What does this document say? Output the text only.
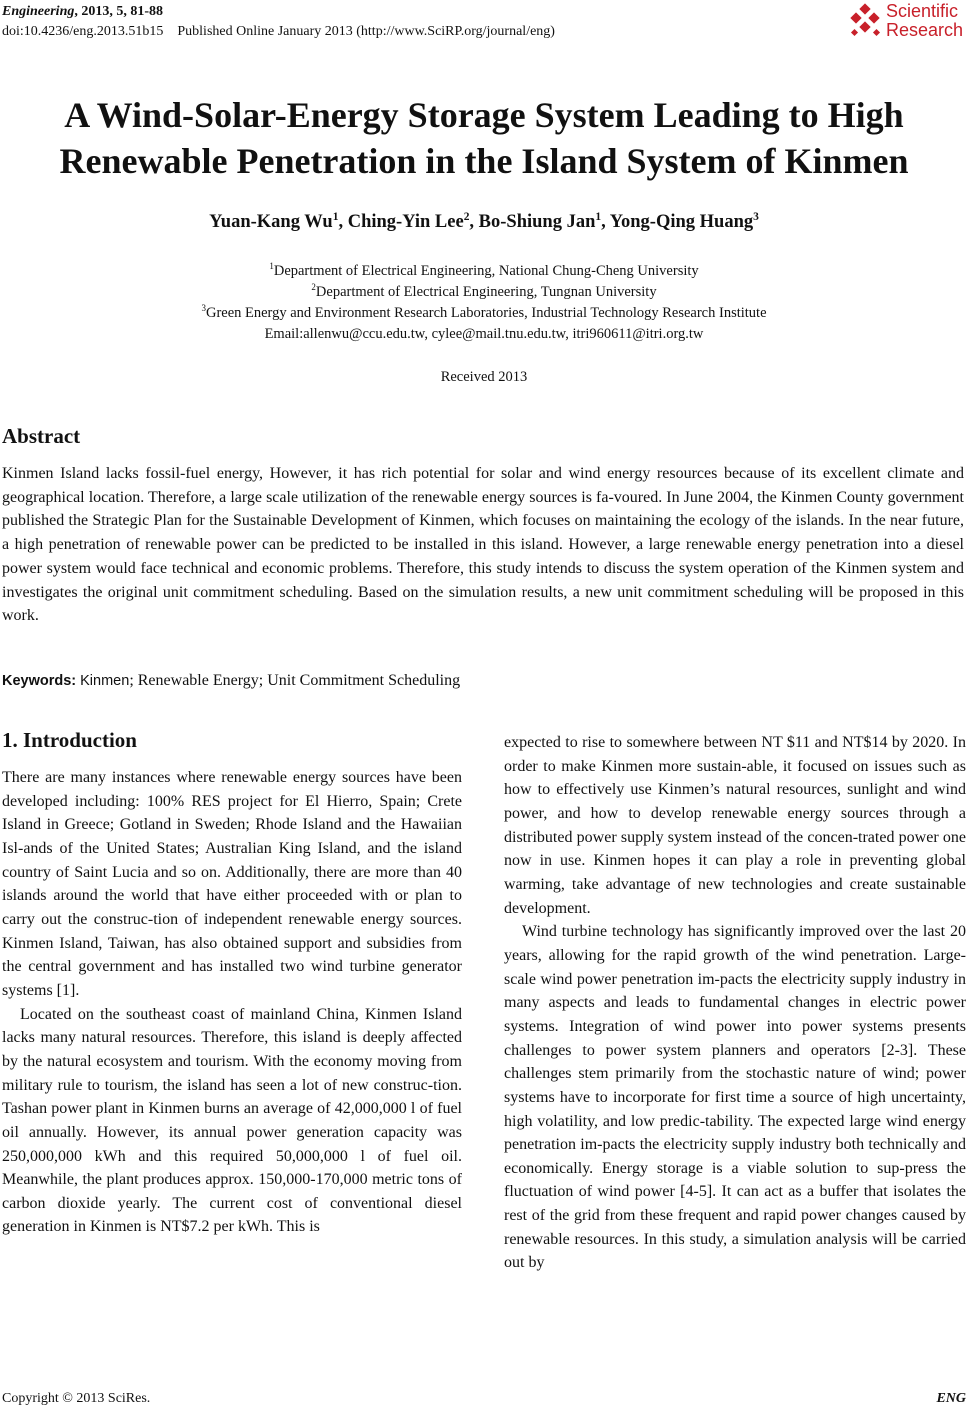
Engineering, 2013, 5, 81-88
doi:10.4236/eng.2013.51b15    Published Online January 2013 (http://www.SciRP.org/journal/eng)
Scientific
Research
A Wind-Solar-Energy Storage System Leading to High
Renewable Penetration in the Island System of Kinmen
Yuan-Kang Wu$^1$, Ching-Yin Lee$^2$, Bo-Shiung Jan$^1$, Yong-Qing Huang$^3$
$^1$Department of Electrical Engineering, National Chung-Cheng University
$^2$Department of Electrical Engineering, Tungnan University
$^3$Green Energy and Environment Research Laboratories, Industrial Technology Research Institute
Email:allenwu@ccu.edu.tw, cylee@mail.tnu.edu.tw, itri960611@itri.org.tw
Received 2013
Abstract
Kinmen Island lacks fossil-fuel energy, However, it has rich potential for solar and wind energy resources because of its excellent climate and geographical location. Therefore, a large scale utilization of the renewable energy sources is fa-voured. In June 2004, the Kinmen County government published the Strategic Plan for the Sustainable Development of Kinmen, which focuses on maintaining the ecology of the islands. In the near future, a high penetration of renewable power can be predicted to be installed in this island. However, a large renewable energy penetration into a diesel power system would face technical and economic problems. Therefore, this study intends to discuss the system operation of the Kinmen system and investigates the original unit commitment scheduling. Based on the simulation results, a new unit commitment scheduling will be proposed in this work.
Keywords: Kinmen; Renewable Energy; Unit Commitment Scheduling
1. Introduction

There are many instances where renewable energy sources have been developed including: 100% RES project for El Hierro, Spain; Crete Island in Greece; Gotland in Sweden; Rhode Island and the Hawaiian Isl-ands of the United States; Australian King Island, and the island country of Saint Lucia and so on. Additionally, there are more than 40 islands around the world that have either proceeded with or plan to carry out the construc-tion of independent renewable energy sources. Kinmen Island, Taiwan, has also obtained support and subsidies from the central government and has installed two wind turbine generator systems [1].

Located on the southeast coast of mainland China, Kinmen Island lacks many natural resources. Therefore, this island is deeply affected by the natural ecosystem and tourism. With the economy moving from military rule to tourism, the island has seen a lot of new construc-tion. Tashan power plant in Kinmen burns an average of 42,000,000 l of fuel oil annually. However, its annual power generation capacity was 250,000,000 kWh and this required 50,000,000 l of fuel oil. Meanwhile, the plant produces approx. 150,000-170,000 metric tons of carbon dioxide yearly. The current cost of conventional diesel generation in Kinmen is NT$7.2 per kWh. This is

expected to rise to somewhere between NT $11 and NT$14 by 2020. In order to make Kinmen more sustain-able, it focused on issues such as how to effectively use Kinmen’s natural resources, sunlight and wind power, and how to develop renewable energy sources through a distributed power supply system instead of the concen-trated power one now in use. Kinmen hopes it can play a role in preventing global warming, take advantage of new technologies and create sustainable development.

Wind turbine technology has significantly improved over the last 20 years, allowing for the rapid growth of the wind penetration. Large-scale wind power penetration im-pacts the electricity supply industry in many aspects and leads to fundamental changes in electric power systems. Integration of wind power into power systems presents challenges to power system planners and operators [2-3]. These challenges stem primarily from the stochastic nature of wind; power systems have to incorporate for first time a source of high uncertainty, high volatility, and low predic-tability. The expected large wind energy penetration im-pacts the electricity supply industry both technically and economically. Energy storage is a viable solution to sup-press the fluctuation of wind power [4-5]. It can act as a buffer that isolates the rest of the grid from these frequent and rapid power changes caused by renewable resources. In this study, a simulation analysis will be carried out by

Copyright © 2013 SciRes.	ENG
